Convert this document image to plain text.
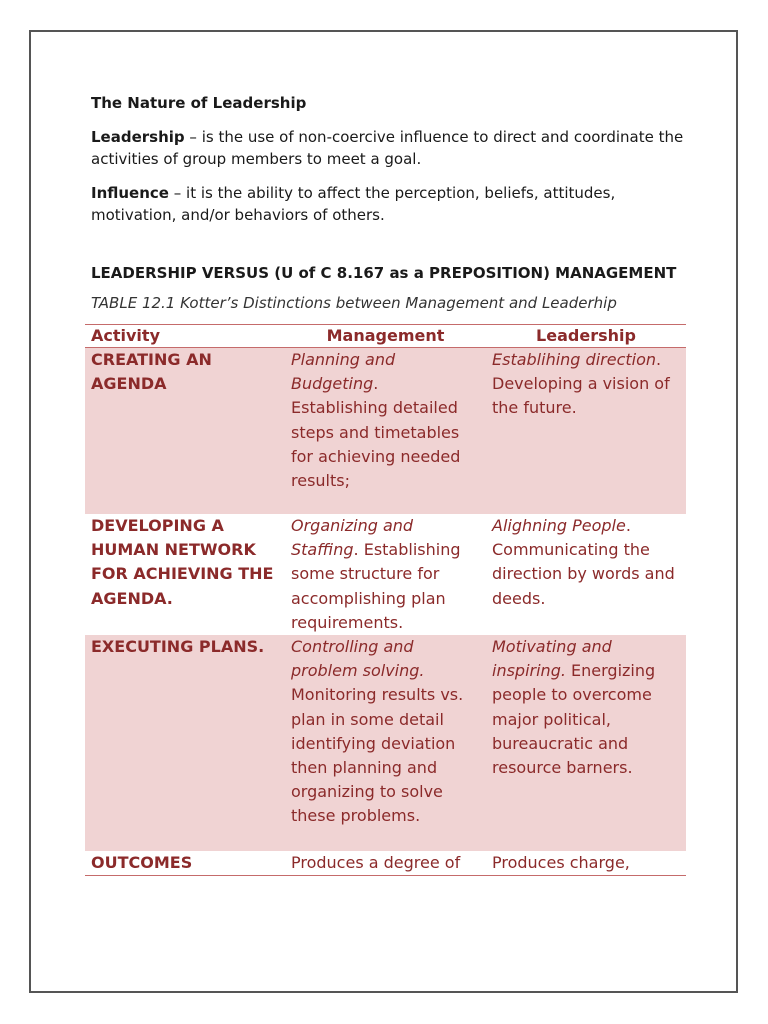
The Nature of Leadership

Leadership – is the use of non-coercive influence to direct and coordinate the activities of group members to meet a goal.

Influence – it is the ability to affect the perception, beliefs, attitudes, motivation, and/or behaviors of others.

LEADERSHIP VERSUS (U of C 8.167 as a PREPOSITION) MANAGEMENT
TABLE 12.1 Kotter’s Distinctions between Management and Leaderhip
Activity	Management	Leadership
CREATING AN AGENDA	Planning and Budgeting. Establishing detailed steps and timetables for achieving needed results;	Establihing direction. Developing a vision of the future.
DEVELOPING A HUMAN NETWORK FOR ACHIEVING THE AGENDA.	Organizing and Staffing. Establishing some structure for accomplishing plan requirements.	Alighning People. Communicating the direction by words and deeds.
EXECUTING PLANS.	Controlling and problem solving. Monitoring results vs. plan in some detail identifying deviation then planning and organizing to solve these problems.	Motivating and inspiring. Energizing people to overcome major political, bureaucratic and resource barners.
OUTCOMES	Produces a degree of	Produces charge,
